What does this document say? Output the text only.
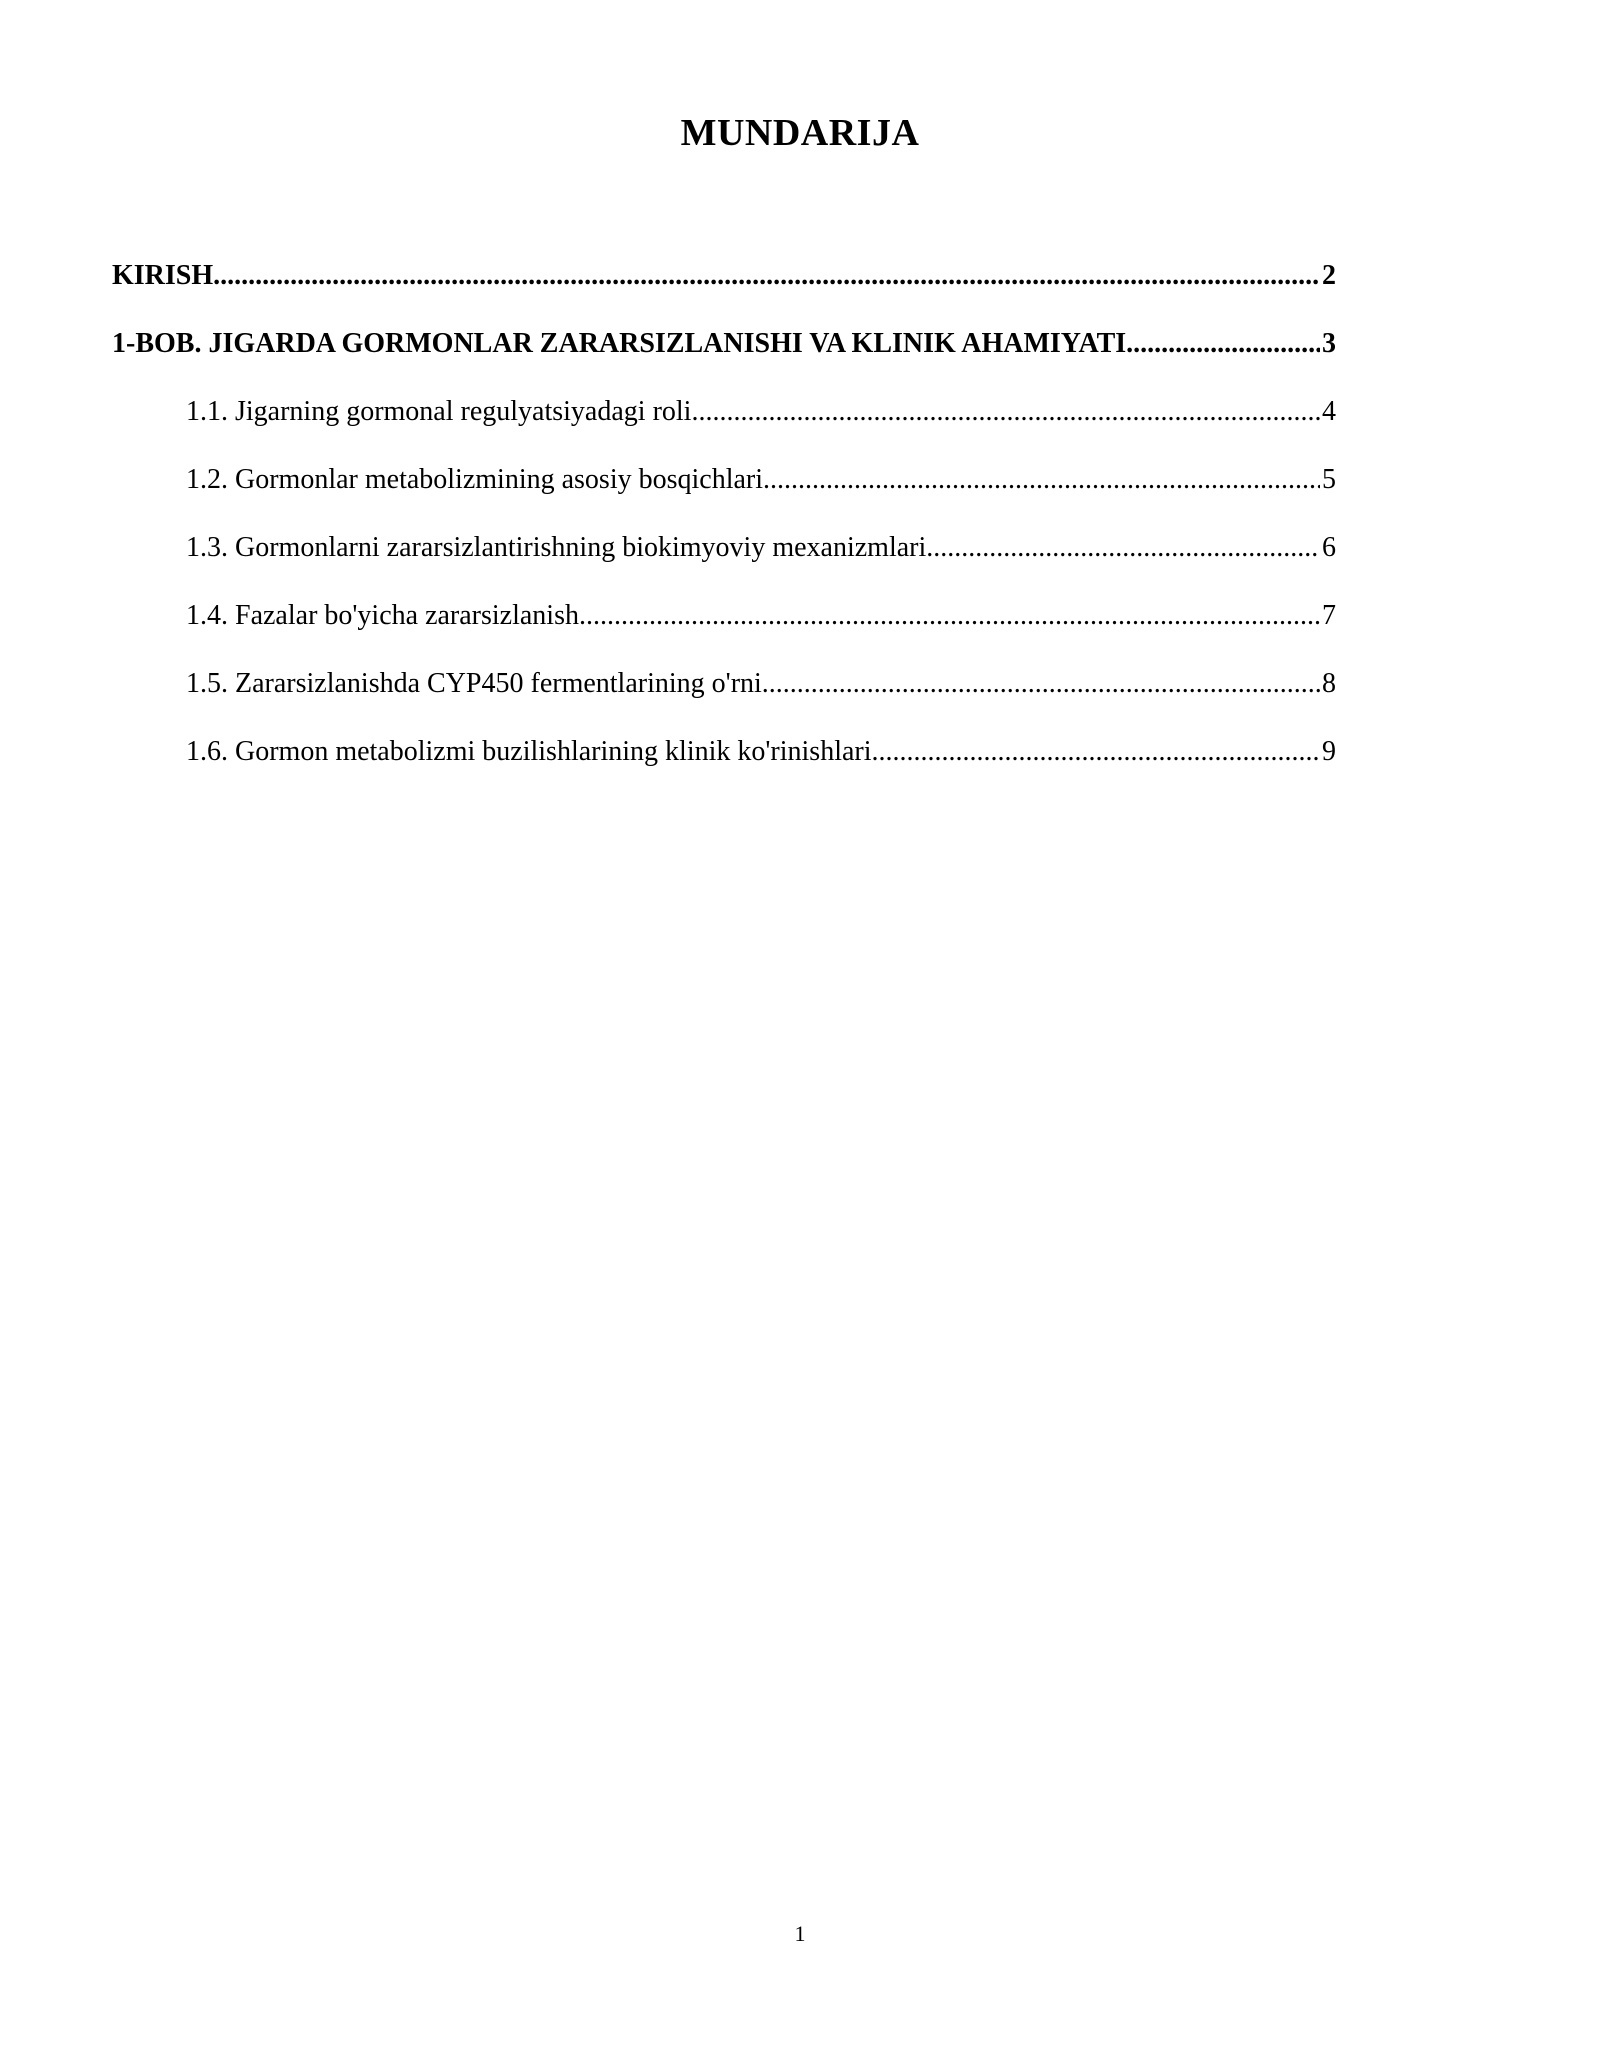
MUNDARIJA
KIRISH .....	2
1-BOB. JIGARDA GORMONLAR ZARARSIZLANISHI VA KLINIK AHAMIYATI .....	3
1.1. Jigarning gormonal regulyatsiyadagi roli .....	4
1.2. Gormonlar metabolizmining asosiy bosqichlari .....	5
1.3. Gormonlarni zararsizlantirishning biokimyoviy mexanizmlari .....	6
1.4. Fazalar bo'yicha zararsizlanish .....	7
1.5. Zararsizlanishda CYP450 fermentlarining o'rni .....	8
1.6. Gormon metabolizmi buzilishlarining klinik ko'rinishlari .....	9
1
